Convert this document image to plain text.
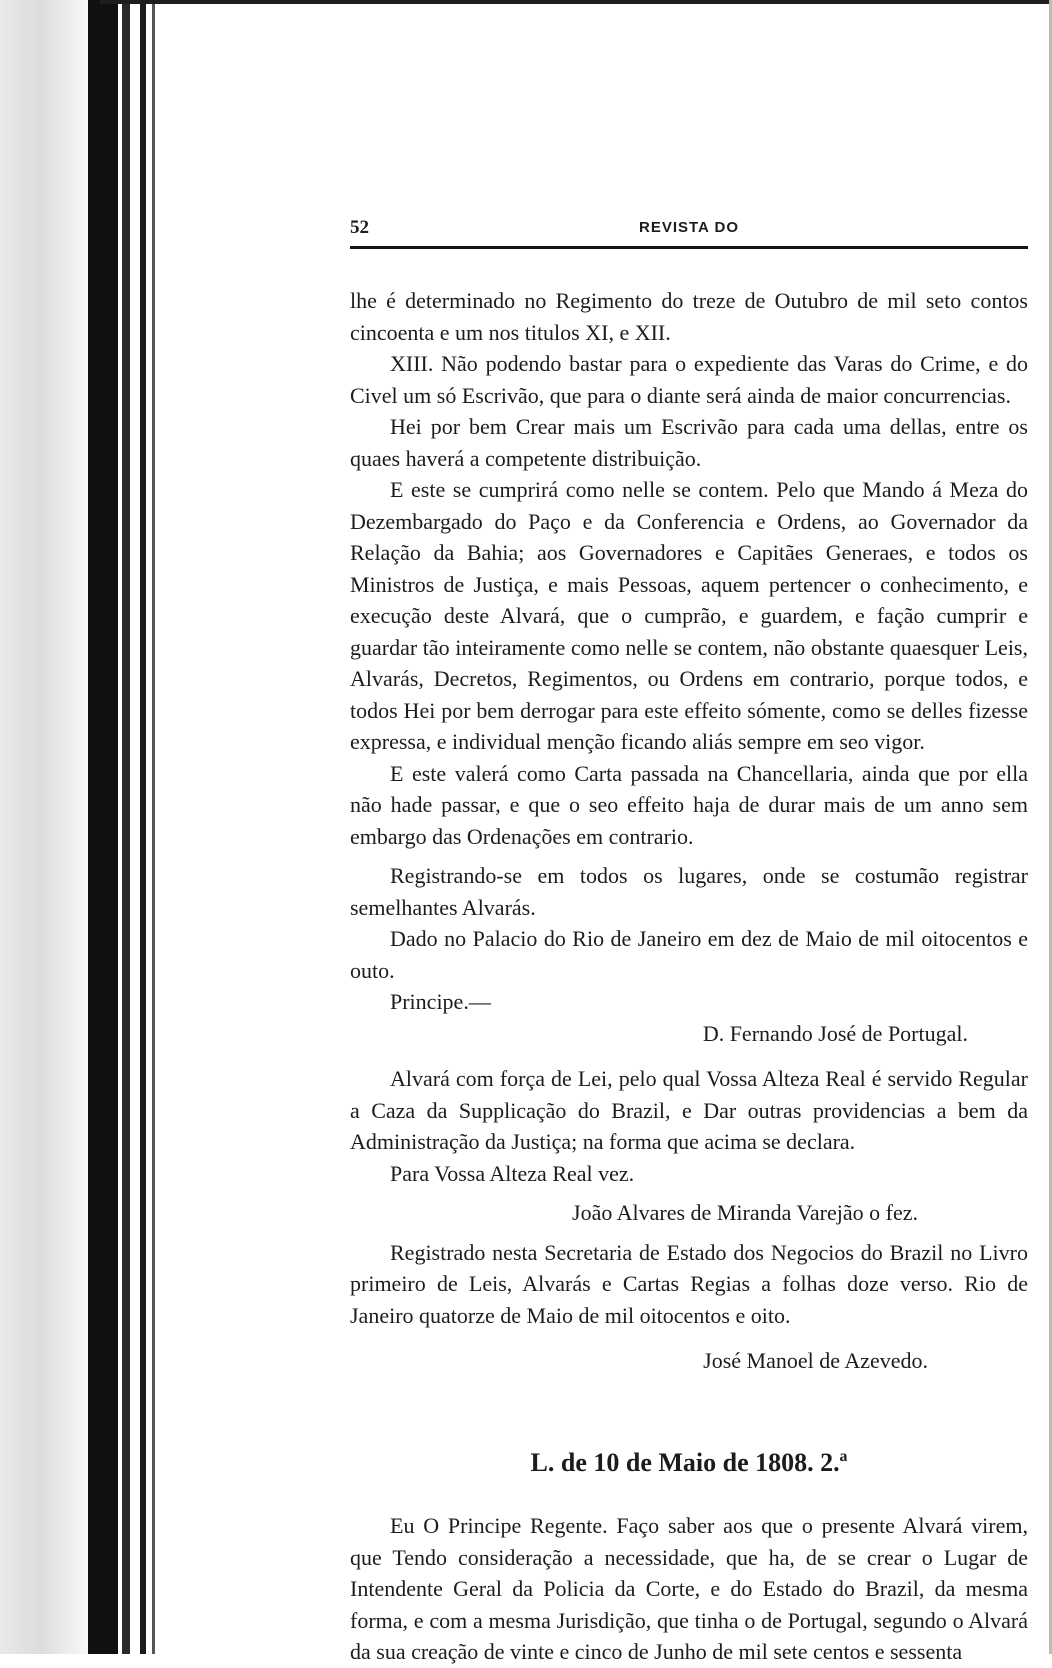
52	REVISTA DO

lhe é determinado no Regimento do treze de Outubro de mil seto contos cincoenta e um nos titulos XI, e XII.

XIII. Não podendo bastar para o expediente das Varas do Crime, e do Civel um só Escrivão, que para o diante será ainda de maior concurrencias.

Hei por bem Crear mais um Escrivão para cada uma dellas, entre os quaes haverá a competente distribuição.

E este se cumprirá como nelle se contem. Pelo que Mando á Meza do Dezembargado do Paço e da Conferencia e Ordens, ao Governador da Relação da Bahia; aos Governadores e Capitães Generaes, e todos os Ministros de Justiça, e mais Pessoas, aquem pertencer o conhecimento, e execução deste Alvará, que o cumprão, e guardem, e fação cumprir e guardar tão inteiramente como nelle se contem, não obstante quaesquer Leis, Alvarás, Decretos, Regimentos, ou Ordens em contrario, porque todos, e todos Hei por bem derrogar para este effeito sómente, como se delles fizesse expressa, e individual menção ficando aliás sempre em seo vigor.

E este valerá como Carta passada na Chancellaria, ainda que por ella não hade passar, e que o seo effeito haja de durar mais de um anno sem embargo das Ordenações em contrario.

Registrando-se em todos os lugares, onde se costumão registrar semelhantes Alvarás.

Dado no Palacio do Rio de Janeiro em dez de Maio de mil oitocentos e outo.

Principe.—

D. Fernando José de Portugal.

Alvará com força de Lei, pelo qual Vossa Alteza Real é servido Regular a Caza da Supplicação do Brazil, e Dar outras providencias a bem da Administração da Justiça; na forma que acima se declara.

Para Vossa Alteza Real vez.

João Alvares de Miranda Varejão o fez.

Registrado nesta Secretaria de Estado dos Negocios do Brazil no Livro primeiro de Leis, Alvarás e Cartas Regias a folhas doze verso. Rio de Janeiro quatorze de Maio de mil oitocentos e oito.

José Manoel de Azevedo.

L. de 10 de Maio de 1808. 2.ª

Eu O Principe Regente. Faço saber aos que o presente Alvará virem, que Tendo consideração a necessidade, que ha, de se crear o Lugar de Intendente Geral da Policia da Corte, e do Estado do Brazil, da mesma forma, e com a mesma Jurisdição, que tinha o de Portugal, segundo o Alvará da sua creação de vinte e cinco de Junho de mil sete centos e sessenta
